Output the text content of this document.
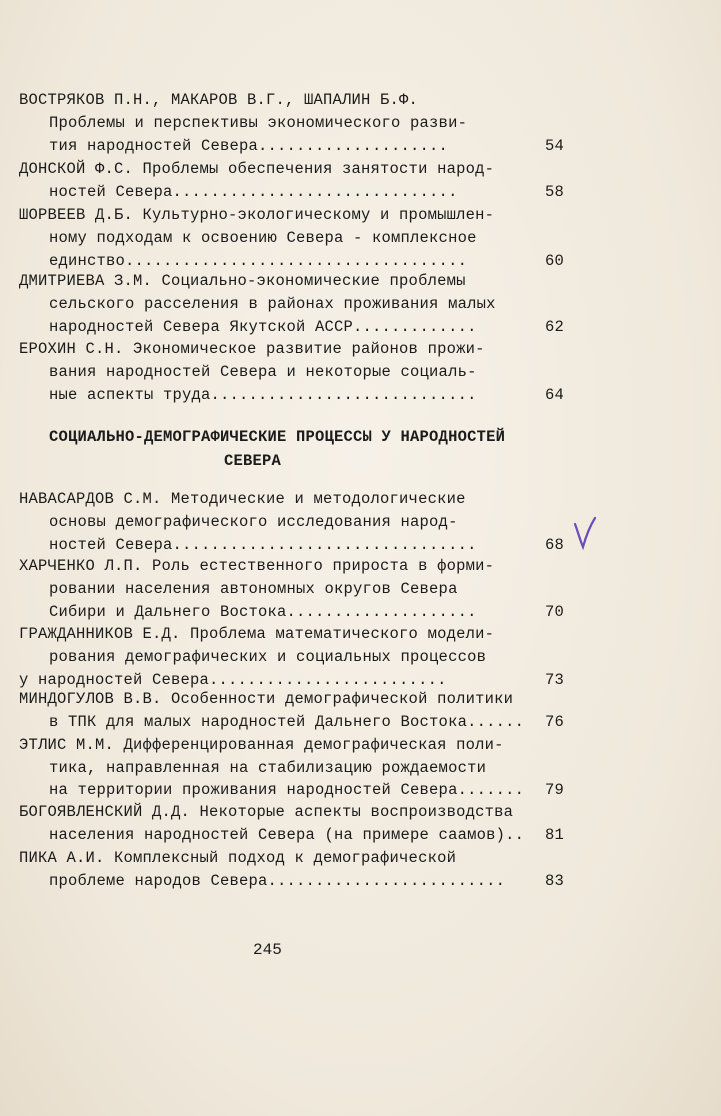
ВОСТРЯКОВ П.Н., МАКАРОВ В.Г., ШАПАЛИН Б.Ф.
Проблемы и перспективы экономического разви-
тия народностей Севера....................	54
ДОНСКОЙ Ф.С. Проблемы обеспечения занятости народ-
ностей Севера..............................	58
ШОРВЕЕВ Д.Б. Культурно-экологическому и промышлен-
ному подходам к освоению Севера - комплексное
единство....................................	60
ДМИТРИЕВА З.М. Социально-экономические проблемы
сельского расселения в районах проживания малых
народностей Севера Якутской АССР.............	62
ЕРОХИН С.Н. Экономическое развитие районов прожи-
вания народностей Севера и некоторые социаль-
ные аспекты труда............................	64
СОЦИАЛЬНО-ДЕМОГРАФИЧЕСКИЕ ПРОЦЕССЫ У НАРОДНОСТЕЙ
СЕВЕРА
НАВАСАРДОВ С.М. Методические и методологические
основы демографического исследования народ-
ностей Севера................................	68
ХАРЧЕНКО Л.П. Роль естественного прироста в форми-
ровании населения автономных округов Севера
Сибири и Дальнего Востока....................	70
ГРАЖДАННИКОВ Е.Д. Проблема математического модели-
рования демографических и социальных процессов
у народностей Севера.........................	73
МИНДОГУЛОВ В.В. Особенности демографической политики
в ТПК для малых народностей Дальнего Востока......	76
ЭТЛИС М.М. Дифференцированная демографическая поли-
тика, направленная на стабилизацию рождаемости
на территории проживания народностей Севера.......	79
БОГОЯВЛЕНСКИЙ Д.Д. Некоторые аспекты воспроизводства
населения народностей Севера (на примере саамов)..	81
ПИКА А.И. Комплексный подход к демографической
проблеме народов Севера.........................	83
245
